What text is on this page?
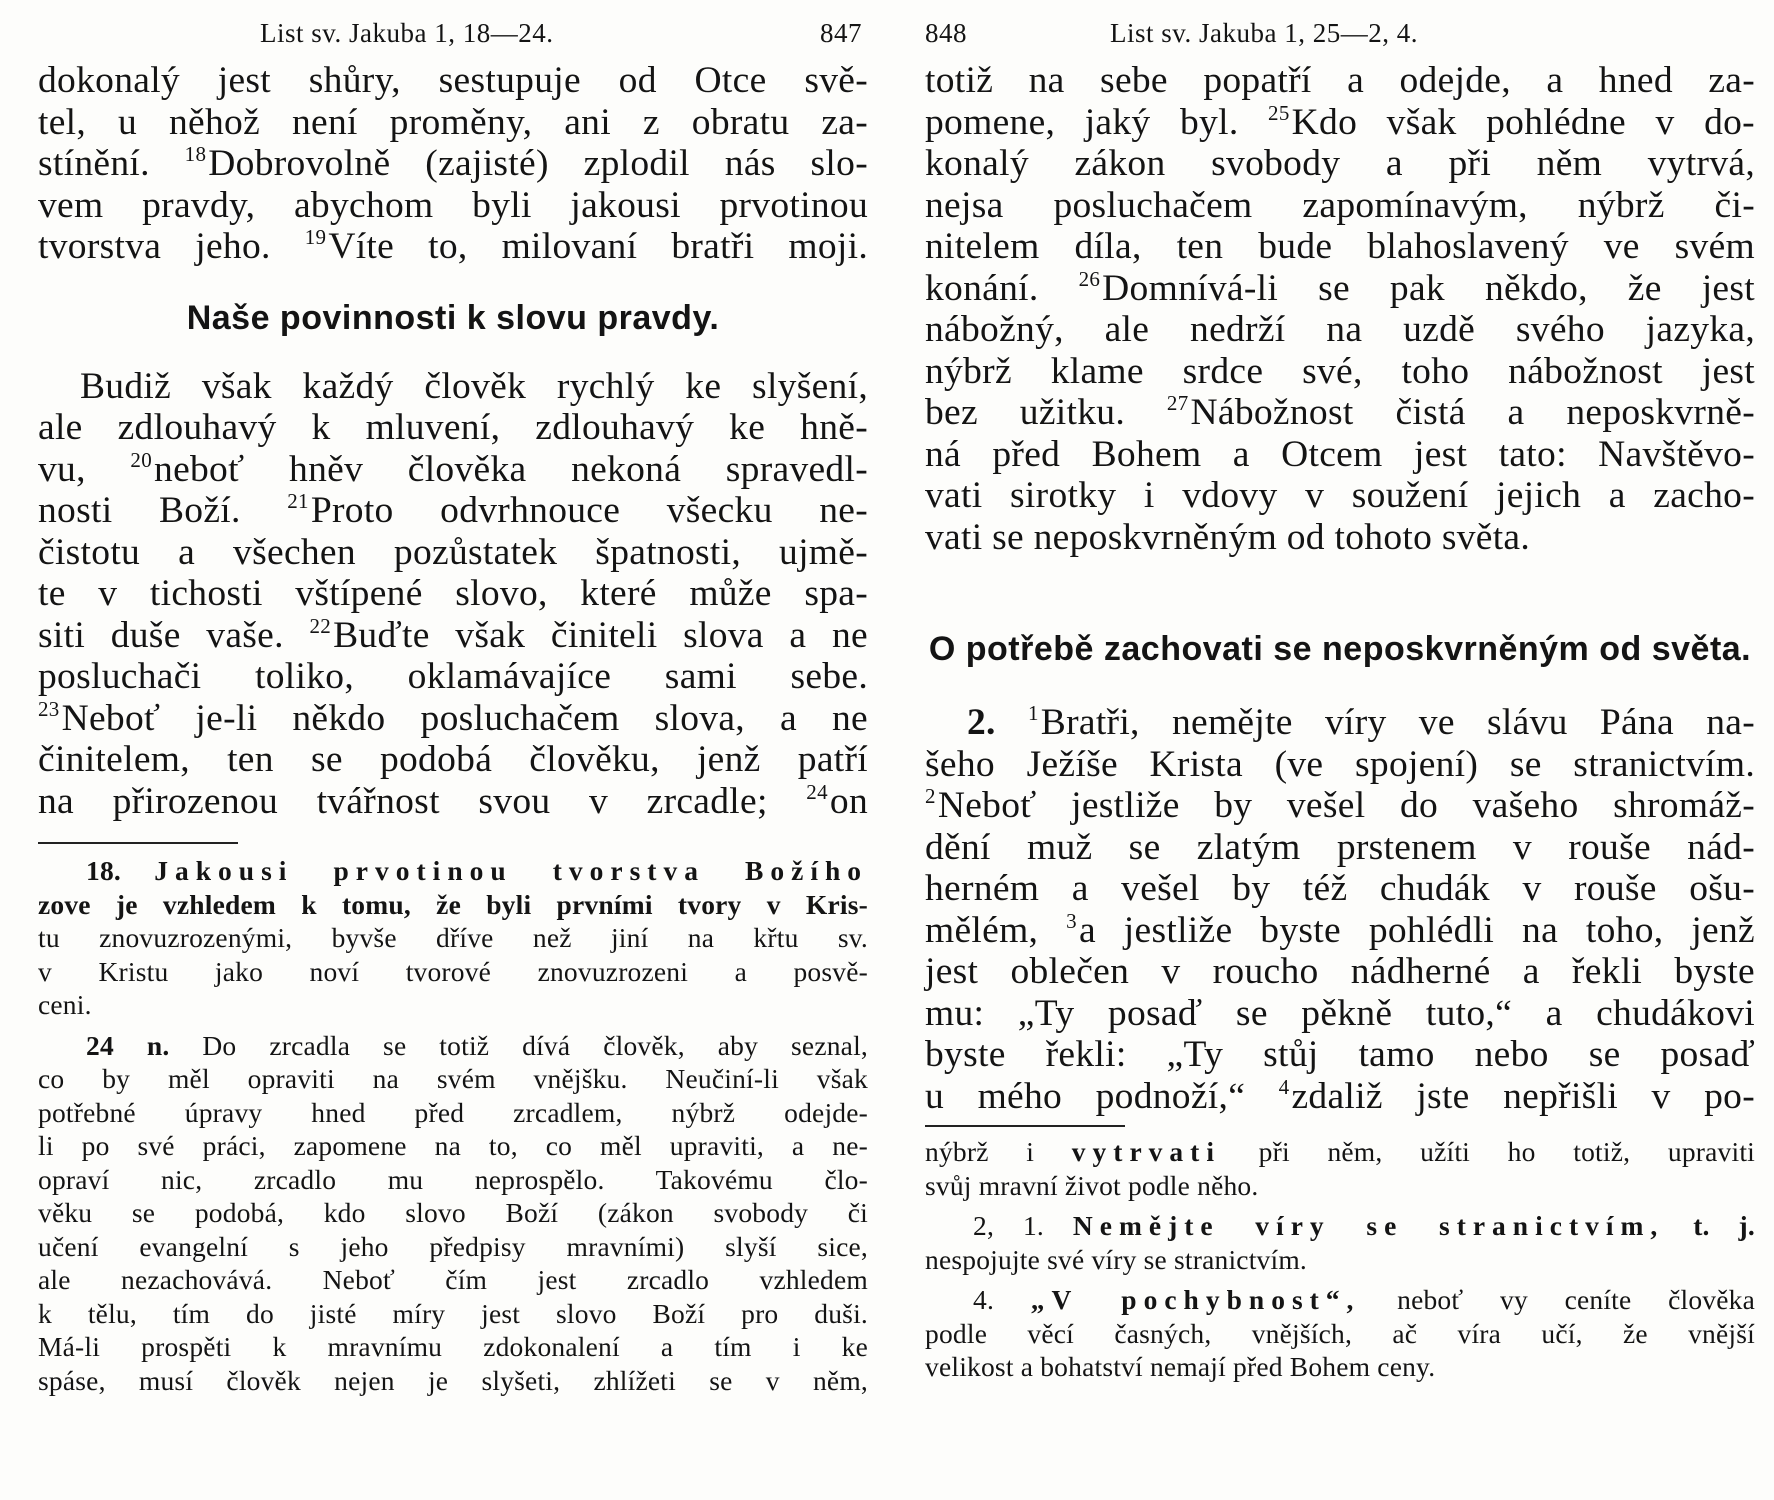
List sv. Jakuba 1, 18—24.	847

dokonalý jest shůry, sestupuje od Otce svě-

tel, u něhož není proměny, ani z obratu za-

stínění. $^{18}$Dobrovolně (zajisté) zplodil nás slo-

vem pravdy, abychom byli jakousi prvotinou

tvorstva jeho. $^{19}$Víte to, milovaní bratři moji.

Naše povinnosti k slovu pravdy.

Budiž však každý člověk rychlý ke slyšení,

ale zdlouhavý k mluvení, zdlouhavý ke hně-

vu, $^{20}$neboť hněv člověka nekoná spravedl-

nosti Boží. $^{21}$Proto odvrhnouce všecku ne-

čistotu a všechen pozůstatek špatnosti, ujmě-

te v tichosti vštípené slovo, které může spa-

siti duše vaše. $^{22}$Buďte však činiteli slova a ne

posluchači toliko, oklamávajíce sami sebe.

$^{23}$Neboť je-li někdo posluchačem slova, a ne

činitelem, ten se podobá člověku, jenž patří

na přirozenou tvářnost svou v zrcadle; $^{24}$on

18. Jakousi prvotinou tvorstva Božího

zove je vzhledem k tomu, že byli prvními tvory v Kris-

tu znovuzrozenými, byvše dříve než jiní na křtu sv.

v Kristu jako noví tvorové znovuzrozeni a posvě-

ceni.

24 n. Do zrcadla se totiž dívá člověk, aby seznal,

co by měl opraviti na svém vnějšku. Neučiní-li však

potřebné úpravy hned před zrcadlem, nýbrž odejde-

li po své práci, zapomene na to, co měl upraviti, a ne-

opraví nic, zrcadlo mu neprospělo. Takovému člo-

věku se podobá, kdo slovo Boží (zákon svobody či

učení evangelní s jeho předpisy mravními) slyší sice,

ale nezachovává. Neboť čím jest zrcadlo vzhledem

k tělu, tím do jisté míry jest slovo Boží pro duši.

Má-li prospěti k mravnímu zdokonalení a tím i ke

spáse, musí člověk nejen je slyšeti, zhlížeti se v něm,

848	List sv. Jakuba 1, 25—2, 4.

totiž na sebe popatří a odejde, a hned za-

pomene, jaký byl. $^{25}$Kdo však pohlédne v do-

konalý zákon svobody a při něm vytrvá,

nejsa posluchačem zapomínavým, nýbrž či-

nitelem díla, ten bude blahoslavený ve svém

konání. $^{26}$Domnívá-li se pak někdo, že jest

nábožný, ale nedrží na uzdě svého jazyka,

nýbrž klame srdce své, toho nábožnost jest

bez užitku. $^{27}$Nábožnost čistá a neposkvrně-

ná před Bohem a Otcem jest tato: Navštěvo-

vati sirotky i vdovy v soužení jejich a zacho-

vati se neposkvrněným od tohoto světa.

O potřebě zachovati se neposkvrněným od světa.

2. $^1$Bratři, nemějte víry ve slávu Pána na-

šeho Ježíše Krista (ve spojení) se stranictvím.

$^2$Neboť jestliže by vešel do vašeho shromáž-

dění muž se zlatým prstenem v rouše nád-

herném a vešel by též chudák v rouše ošu-

mělém, $^3$a jestliže byste pohlédli na toho, jenž

jest oblečen v roucho nádherné a řekli byste

mu: „Ty posaď se pěkně tuto,“ a chudákovi

byste řekli: „Ty stůj tamo nebo se posaď

u mého podnoží,“ $^4$zdaliž jste nepřišli v po-

nýbrž i vytrvati při něm, užíti ho totiž, upraviti

svůj mravní život podle něho.

2, 1. Nemějte víry se stranictvím, t. j.

nespojujte své víry se stranictvím.

4. „V pochybnost“, neboť vy ceníte člověka

podle věcí časných, vnějších, ač víra učí, že vnější

velikost a bohatství nemají před Bohem ceny.
